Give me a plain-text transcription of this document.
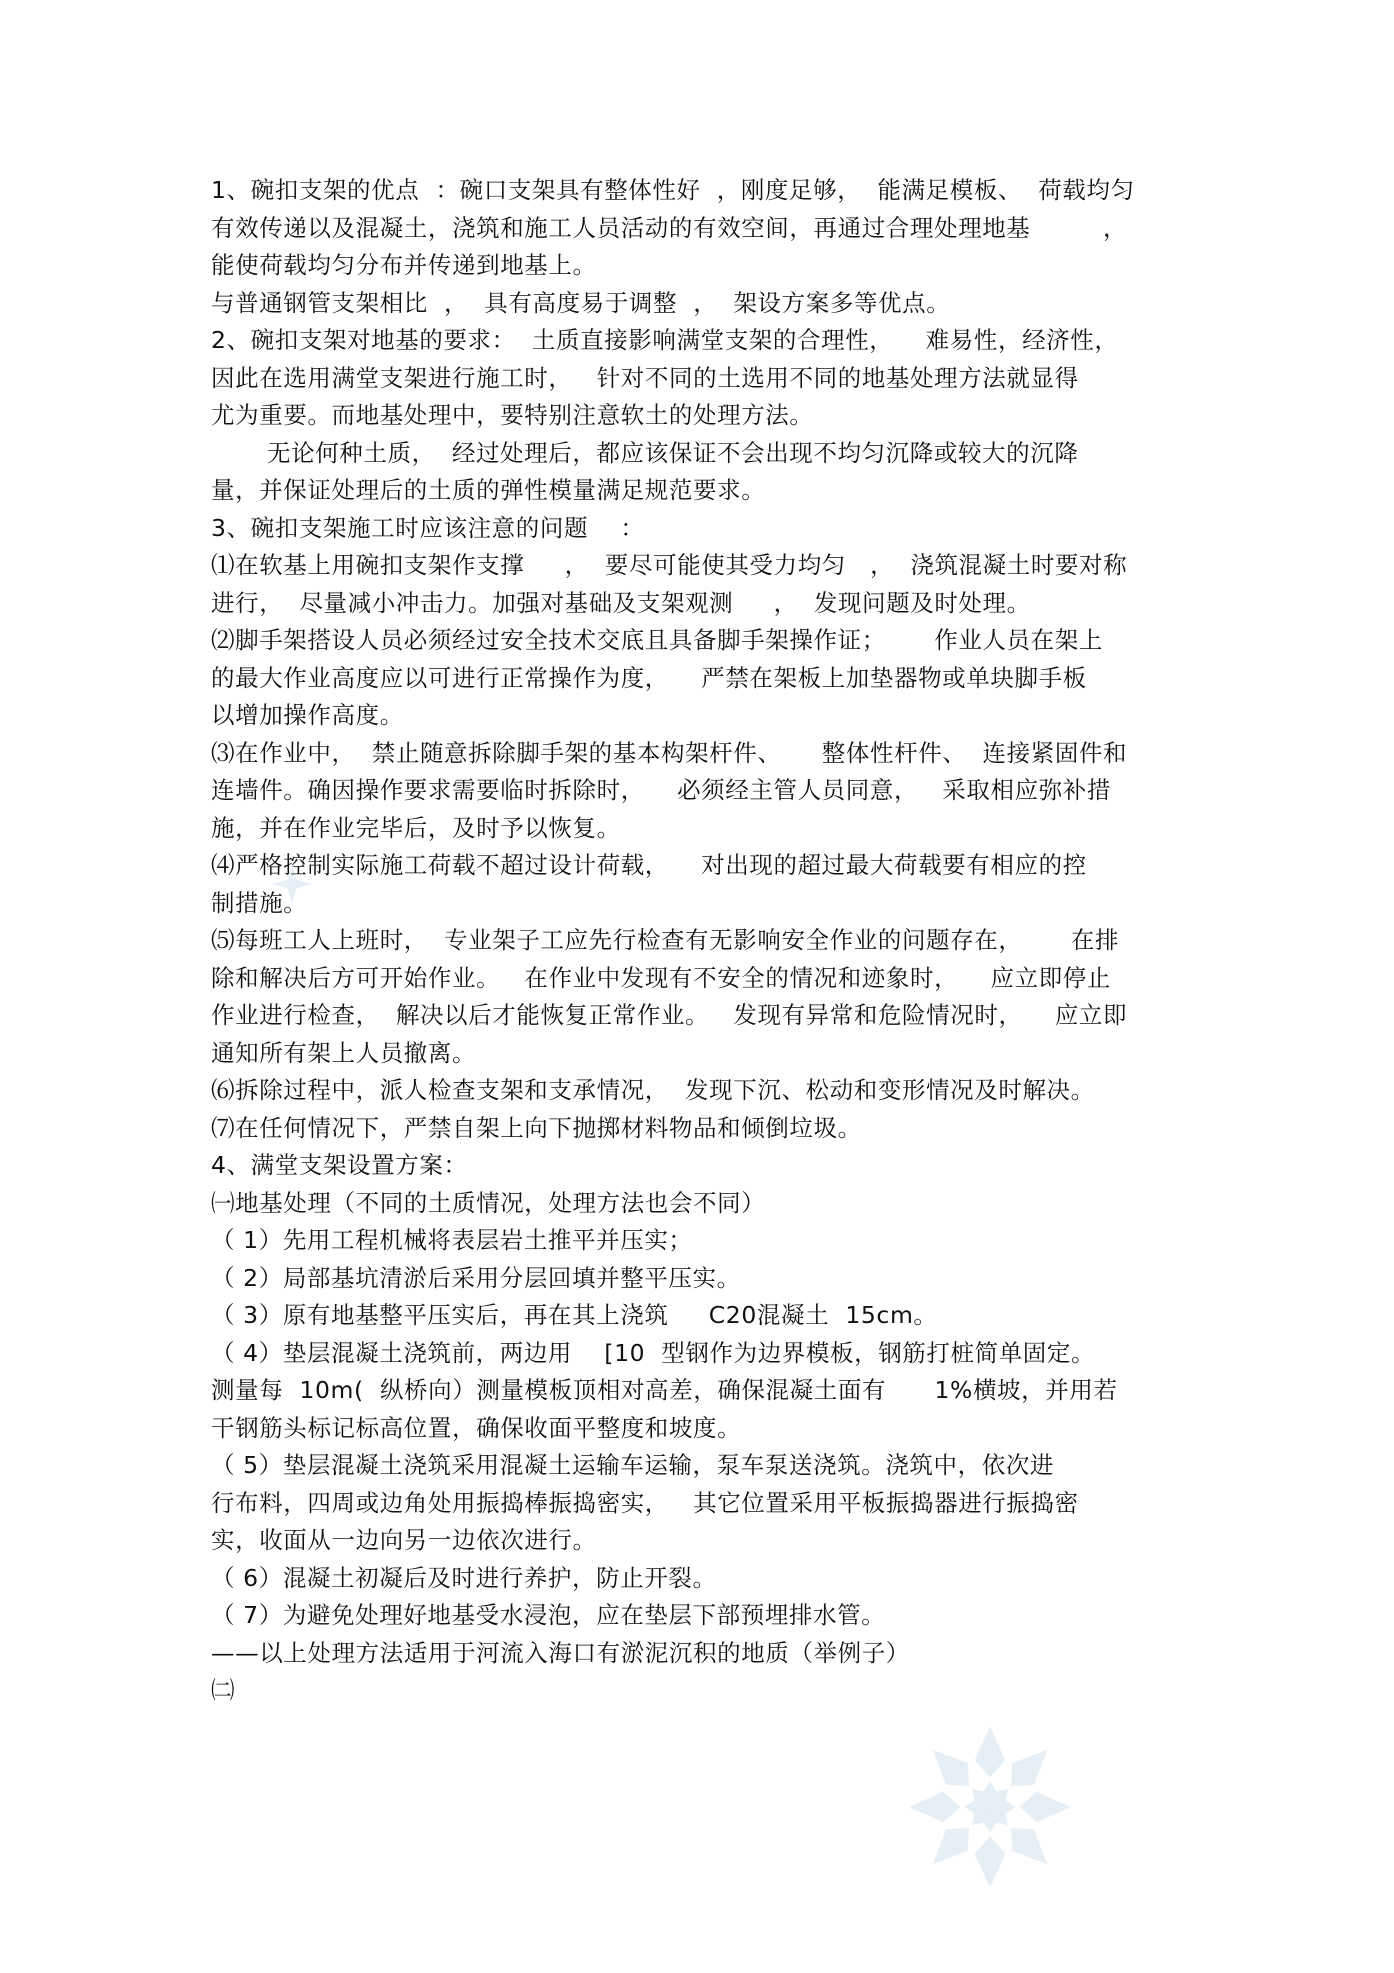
1、碗扣支架的优点  ：碗口支架具有整体性好  ，刚度足够，  能满足模板、  荷载均匀
有效传递以及混凝土，浇筑和施工人员活动的有效空间，再通过合理处理地基         ，
能使荷载均匀分布并传递到地基上。
与普通钢管支架相比  ，  具有高度易于调整  ，  架设方案多等优点。
2、碗扣支架对地基的要求：  土质直接影响满堂支架的合理性，    难易性，经济性，
因此在选用满堂支架进行施工时，   针对不同的土选用不同的地基处理方法就显得
尤为重要。而地基处理中，要特别注意软土的处理方法。
无论何种土质，  经过处理后，都应该保证不会出现不均匀沉降或较大的沉降
量，并保证处理后的土质的弹性模量满足规范要求。
3、碗扣支架施工时应该注意的问题    ：
⑴在软基上用碗扣支架作支撑     ，  要尽可能使其受力均匀   ，  浇筑混凝土时要对称
进行，  尽量减小冲击力。加强对基础及支架观测     ，  发现问题及时处理。
⑵脚手架搭设人员必须经过安全技术交底且具备脚手架操作证；      作业人员在架上
的最大作业高度应以可进行正常操作为度，    严禁在架板上加垫器物或单块脚手板
以增加操作高度。
⑶在作业中，  禁止随意拆除脚手架的基本构架杆件、     整体性杆件、  连接紧固件和
连墙件。确因操作要求需要临时拆除时，    必须经主管人员同意，   采取相应弥补措
施，并在作业完毕后，及时予以恢复。
⑷严格控制实际施工荷载不超过设计荷载，    对出现的超过最大荷载要有相应的控
制措施。
⑸每班工人上班时，  专业架子工应先行检查有无影响安全作业的问题存在，      在排
除和解决后方可开始作业。   在作业中发现有不安全的情况和迹象时，    应立即停止
作业进行检查，  解决以后才能恢复正常作业。   发现有异常和危险情况时，    应立即
通知所有架上人员撤离。
⑹拆除过程中，派人检查支架和支承情况，  发现下沉、松动和变形情况及时解决。
⑺在任何情况下，严禁自架上向下抛掷材料物品和倾倒垃圾。
4、满堂支架设置方案：
㈠地基处理（不同的土质情况，处理方法也会不同）
（ 1）先用工程机械将表层岩土推平并压实；
（ 2）局部基坑清淤后采用分层回填并整平压实。
（ 3）原有地基整平压实后，再在其上浇筑     C20混凝土  15cm。
（ 4）垫层混凝土浇筑前，两边用    [10  型钢作为边界模板，钢筋打桩简单固定。
测量每  10m(  纵桥向）测量模板顶相对高差，确保混凝土面有      1%横坡，并用若
干钢筋头标记标高位置，确保收面平整度和坡度。
（ 5）垫层混凝土浇筑采用混凝土运输车运输，泵车泵送浇筑。浇筑中，依次进
行布料，四周或边角处用振捣棒振捣密实，   其它位置采用平板振捣器进行振捣密
实，收面从一边向另一边依次进行。
（ 6）混凝土初凝后及时进行养护，防止开裂。
（ 7）为避免处理好地基受水浸泡，应在垫层下部预埋排水管。
——以上处理方法适用于河流入海口有淤泥沉积的地质（举例子）
㈡
